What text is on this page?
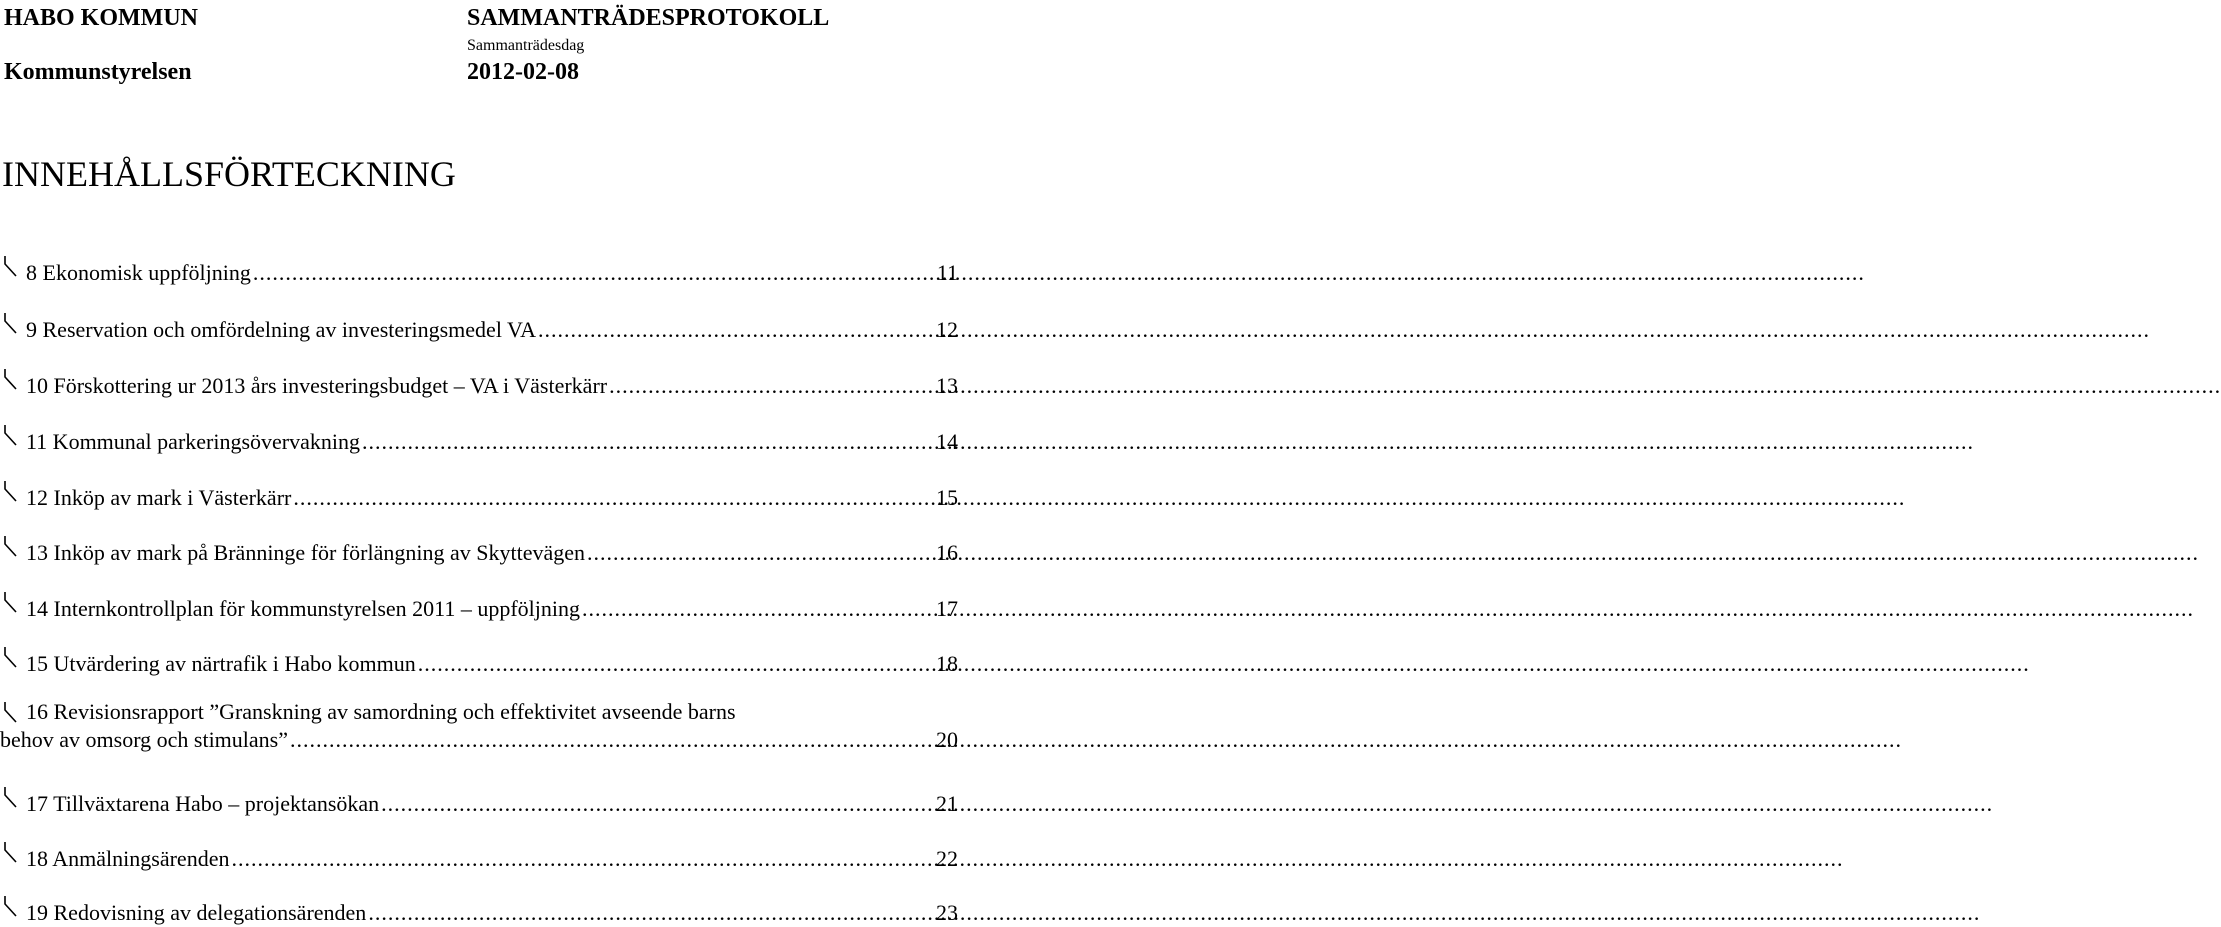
HABO KOMMUN
Kommunstyrelsen
SAMMANTRÄDESPROTOKOLL
Sammanträdesdag
2012-02-08
INNEHÅLLSFÖRTECKNING
8 Ekonomisk uppföljning .....	11
9 Reservation och omfördelning av investeringsmedel VA .....	12
10 Förskottering ur 2013 års investeringsbudget – VA i Västerkärr .....	13
11 Kommunal parkeringsövervakning .....	14
12 Inköp av mark i Västerkärr .....	15
13 Inköp av mark på Bränninge för förlängning av Skyttevägen .....	16
14 Internkontrollplan för kommunstyrelsen 2011 – uppföljning .....	17
15 Utvärdering av närtrafik i Habo kommun .....	18
16 Revisionsrapport ”Granskning av samordning och effektivitet avseende barns
behov av omsorg och stimulans” .....	20
17 Tillväxtarena Habo – projektansökan .....	21
18 Anmälningsärenden .....	22
19 Redovisning av delegationsärenden .....	23
